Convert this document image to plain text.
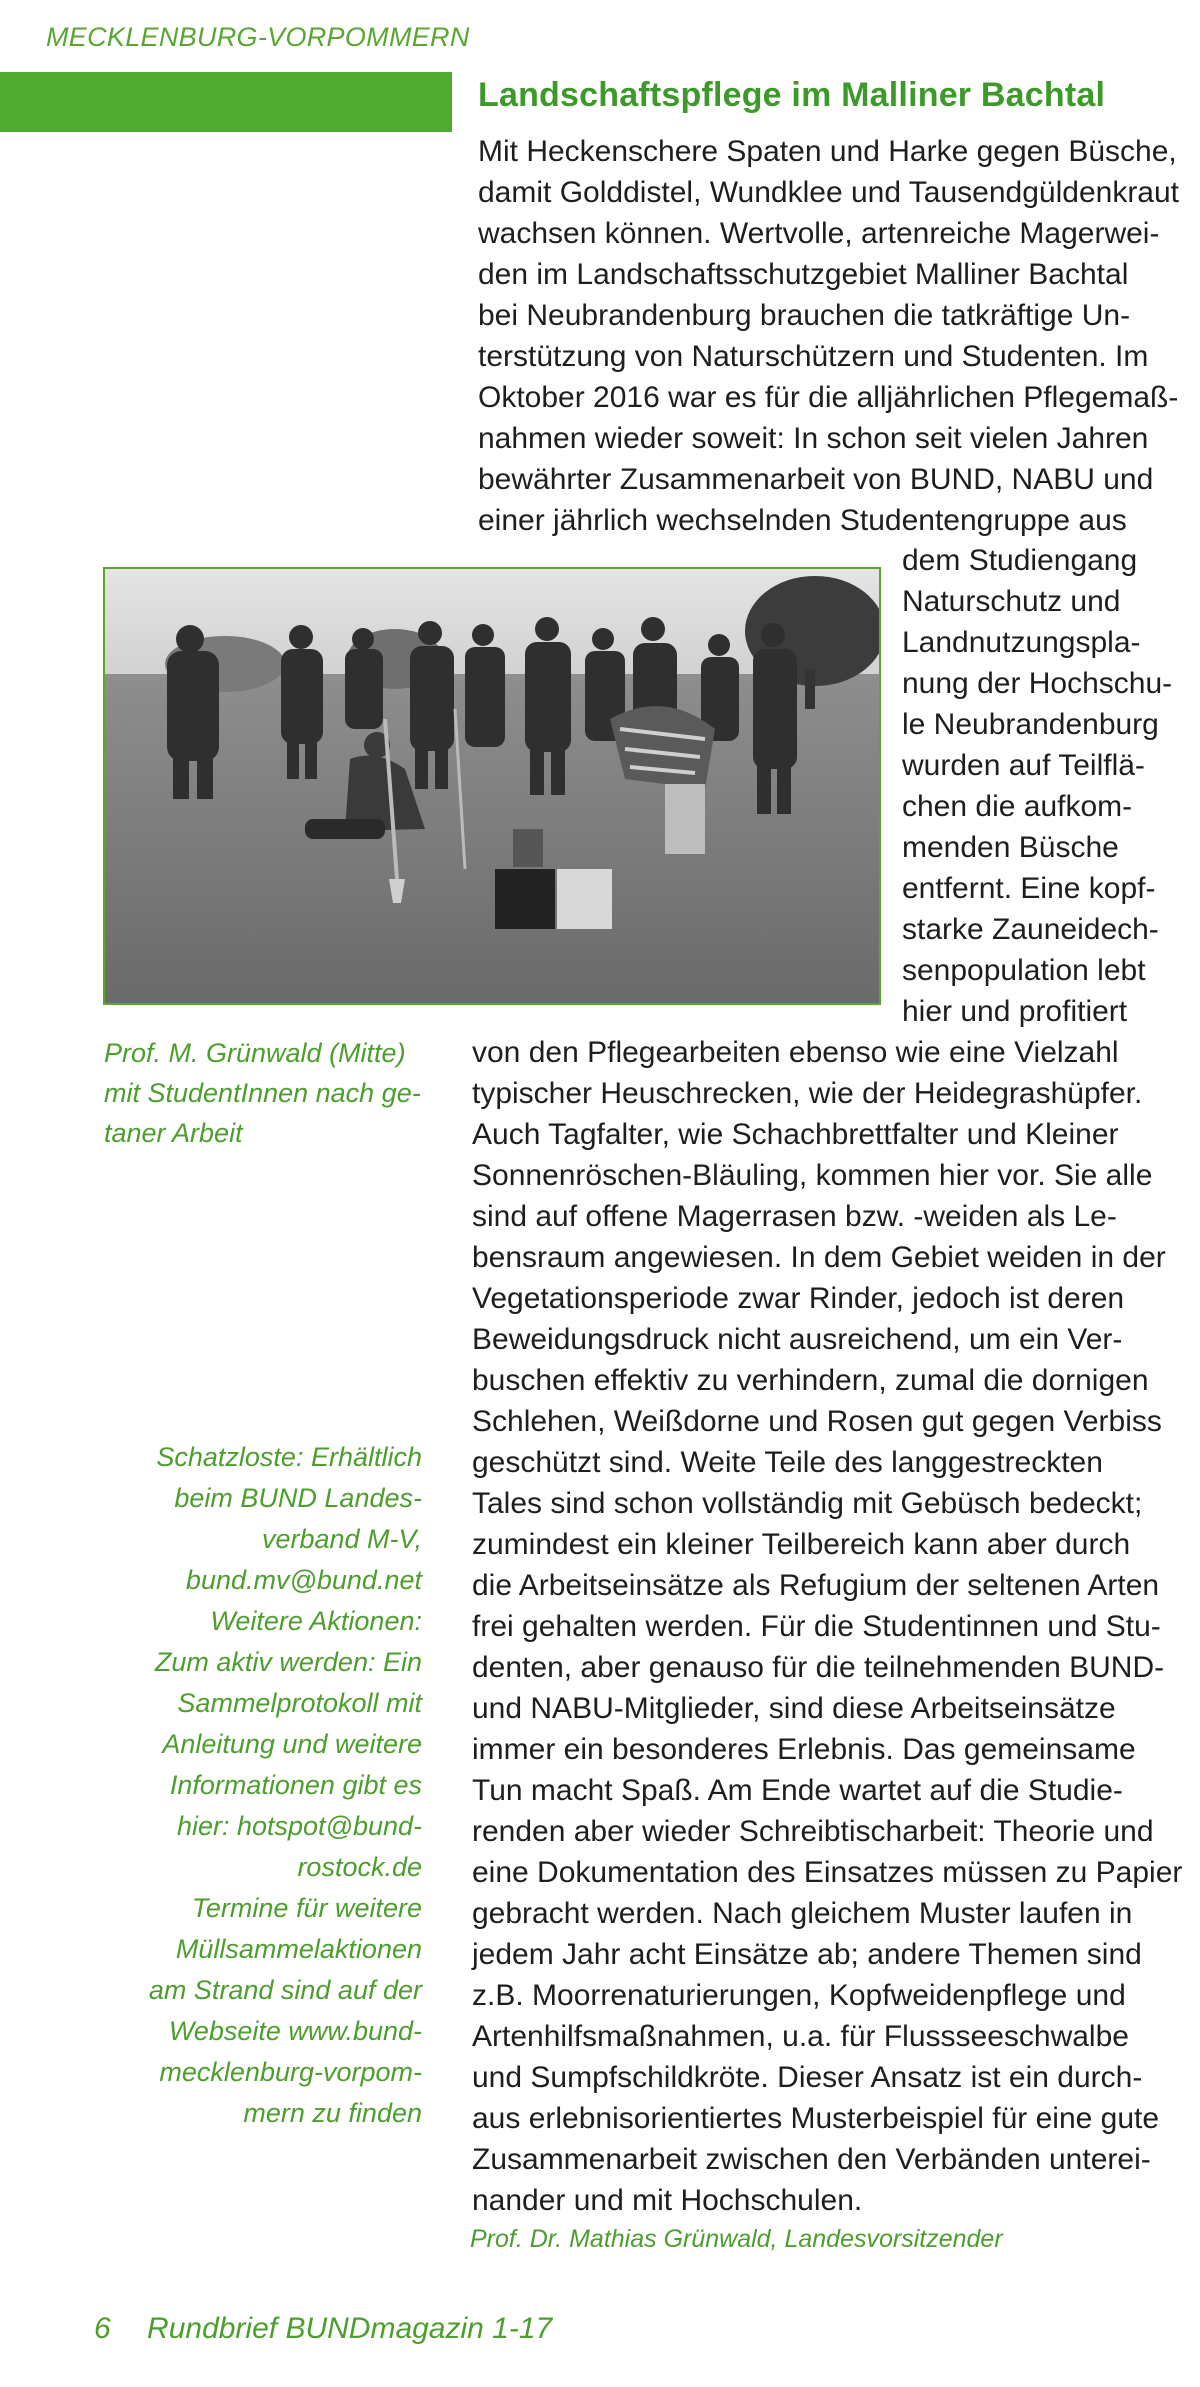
MECKLENBURG-VORPOMMERN
Landschaftspflege im Malliner Bachtal
Mit Heckenschere Spaten und Harke gegen Büsche,
damit Golddistel, Wundklee und Tausendgüldenkraut
wachsen können. Wertvolle, artenreiche Magerwei-
den im Landschaftsschutzgebiet Malliner Bachtal
bei Neubrandenburg brauchen die tatkräftige Un-
terstützung von Naturschützern und Studenten. Im
Oktober 2016 war es für die alljährlichen Pflegemaß-
nahmen wieder soweit: In schon seit vielen Jahren
bewährter Zusammenarbeit von BUND, NABU und
einer jährlich wechselnden Studentengruppe aus
dem Studiengang
Naturschutz und
Landnutzungspla-
nung der Hochschu-
le Neubrandenburg
wurden auf Teilflä-
chen die aufkom-
menden Büsche
entfernt. Eine kopf-
starke Zauneidech-
senpopulation lebt
hier und profitiert
Prof. M. Grünwald (Mitte)
mit StudentInnen nach ge-
taner Arbeit
von den Pflegearbeiten ebenso wie eine Vielzahl
typischer Heuschrecken, wie der Heidegrashüpfer.
Auch Tagfalter, wie Schachbrettfalter und Kleiner
Sonnenröschen-Bläuling, kommen hier vor. Sie alle
sind auf offene Magerrasen bzw. -weiden als Le-
bensraum angewiesen. In dem Gebiet weiden in der
Vegetationsperiode zwar Rinder, jedoch ist deren
Beweidungsdruck nicht ausreichend, um ein Ver-
buschen effektiv zu verhindern, zumal die dornigen
Schlehen, Weißdorne und Rosen gut gegen Verbiss
geschützt sind. Weite Teile des langgestreckten
Tales sind schon vollständig mit Gebüsch bedeckt;
zumindest ein kleiner Teilbereich kann aber durch
die Arbeitseinsätze als Refugium der seltenen Arten
frei gehalten werden. Für die Studentinnen und Stu-
denten, aber genauso für die teilnehmenden BUND-
und NABU-Mitglieder, sind diese Arbeitseinsätze
immer ein besonderes Erlebnis. Das gemeinsame
Tun macht Spaß. Am Ende wartet auf die Studie-
renden aber wieder Schreibtischarbeit: Theorie und
eine Dokumentation des Einsatzes müssen zu Papier
gebracht werden. Nach gleichem Muster laufen in
jedem Jahr acht Einsätze ab; andere Themen sind
z.B. Moorrenaturierungen, Kopfweidenpflege und
Artenhilfsmaßnahmen, u.a. für Flussseeschwalbe
und Sumpfschildkröte. Dieser Ansatz ist ein durch-
aus erlebnisorientiertes Musterbeispiel für eine gute
Zusammenarbeit zwischen den Verbänden unterei-
nander und mit Hochschulen.
Schatzloste: Erhältlich
beim BUND Landes-
verband M-V,
bund.mv@bund.net
Weitere Aktionen:
Zum aktiv werden: Ein
Sammelprotokoll mit
Anleitung und weitere
Informationen gibt es
hier: hotspot@bund-
rostock.de
Termine für weitere
Müllsammelaktionen
am Strand sind auf der
Webseite www.bund-
mecklenburg-vorpom-
mern zu finden
Prof. Dr. Mathias Grünwald, Landesvorsitzender
6 Rundbrief BUNDmagazin 1-17
